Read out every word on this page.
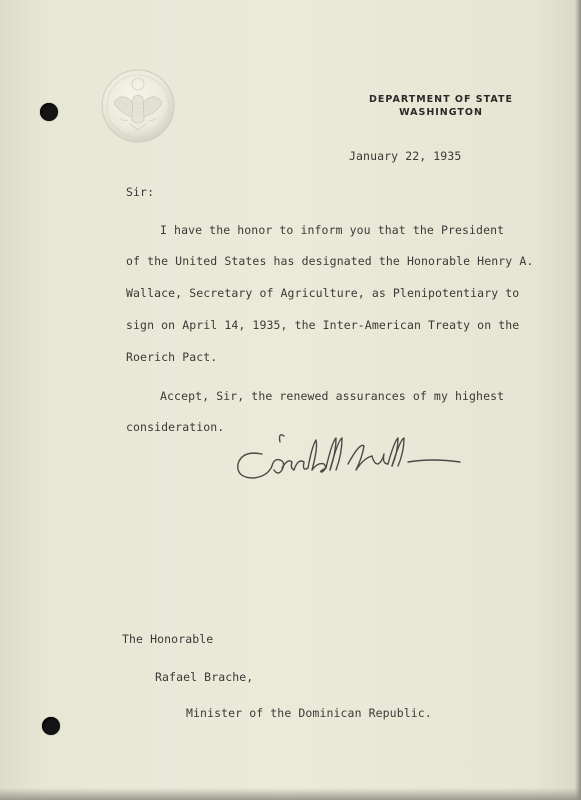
DEPARTMENT OF STATE
WASHINGTON
January 22, 1935
Sir:
I have the honor to inform you that the President
of the United States has designated the Honorable Henry A.
Wallace, Secretary of Agriculture, as Plenipotentiary to
sign on April 14, 1935, the Inter-American Treaty on the
Roerich Pact.
Accept, Sir, the renewed assurances of my highest
consideration.
The Honorable
Rafael Brache,
Minister of the Dominican Republic.
